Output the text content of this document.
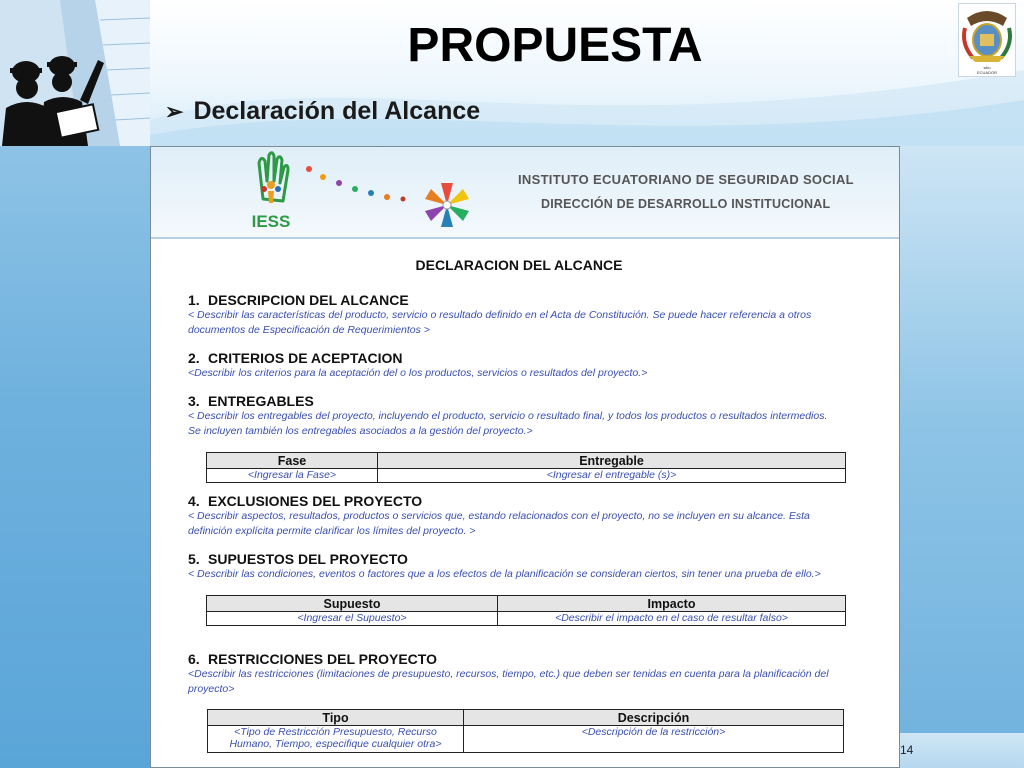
sitio
ECUADOR
PROPUESTA
➢ Declaración del Alcance
IESS
INSTITUTO ECUATORIANO DE SEGURIDAD SOCIAL
DIRECCIÓN DE DESARROLLO INSTITUCIONAL
DECLARACION DEL ALCANCE
1. DESCRIPCION DEL ALCANCE
< Describir las características del producto, servicio o resultado definido en el Acta de Constitución. Se puede hacer referencia a otros
documentos de Especificación de Requerimientos >
2. CRITERIOS DE ACEPTACION
<Describir los criterios para la aceptación del o los productos, servicios o resultados del proyecto.>
3. ENTREGABLES
< Describir los entregables del proyecto, incluyendo el producto, servicio o resultado final, y todos los productos o resultados intermedios.
Se incluyen también los entregables asociados a la gestión del proyecto.>
Fase	Entregable
<Ingresar la Fase>	<Ingresar el entregable (s)>
4. EXCLUSIONES DEL PROYECTO
< Describir aspectos, resultados, productos o servicios que, estando relacionados con el proyecto, no se incluyen en su alcance. Esta
definición explícita permite clarificar los límites del proyecto. >
5. SUPUESTOS DEL PROYECTO
< Describir las condiciones, eventos o factores que a los efectos de la planificación se consideran ciertos, sin tener una prueba de ello.>
Supuesto	Impacto
<Ingresar el Supuesto>	<Describir el impacto en el caso de resultar falso>
6. RESTRICCIONES DEL PROYECTO
<Describir las restricciones (limitaciones de presupuesto, recursos, tiempo, etc.) que deben ser tenidas en cuenta para la planificación del
proyecto>
Tipo	Descripción

<Tipo de Restricción Presupuesto, Recurso
Humano, Tiempo, especifique cualquier otra>	<Descripción de la restricción>
14
